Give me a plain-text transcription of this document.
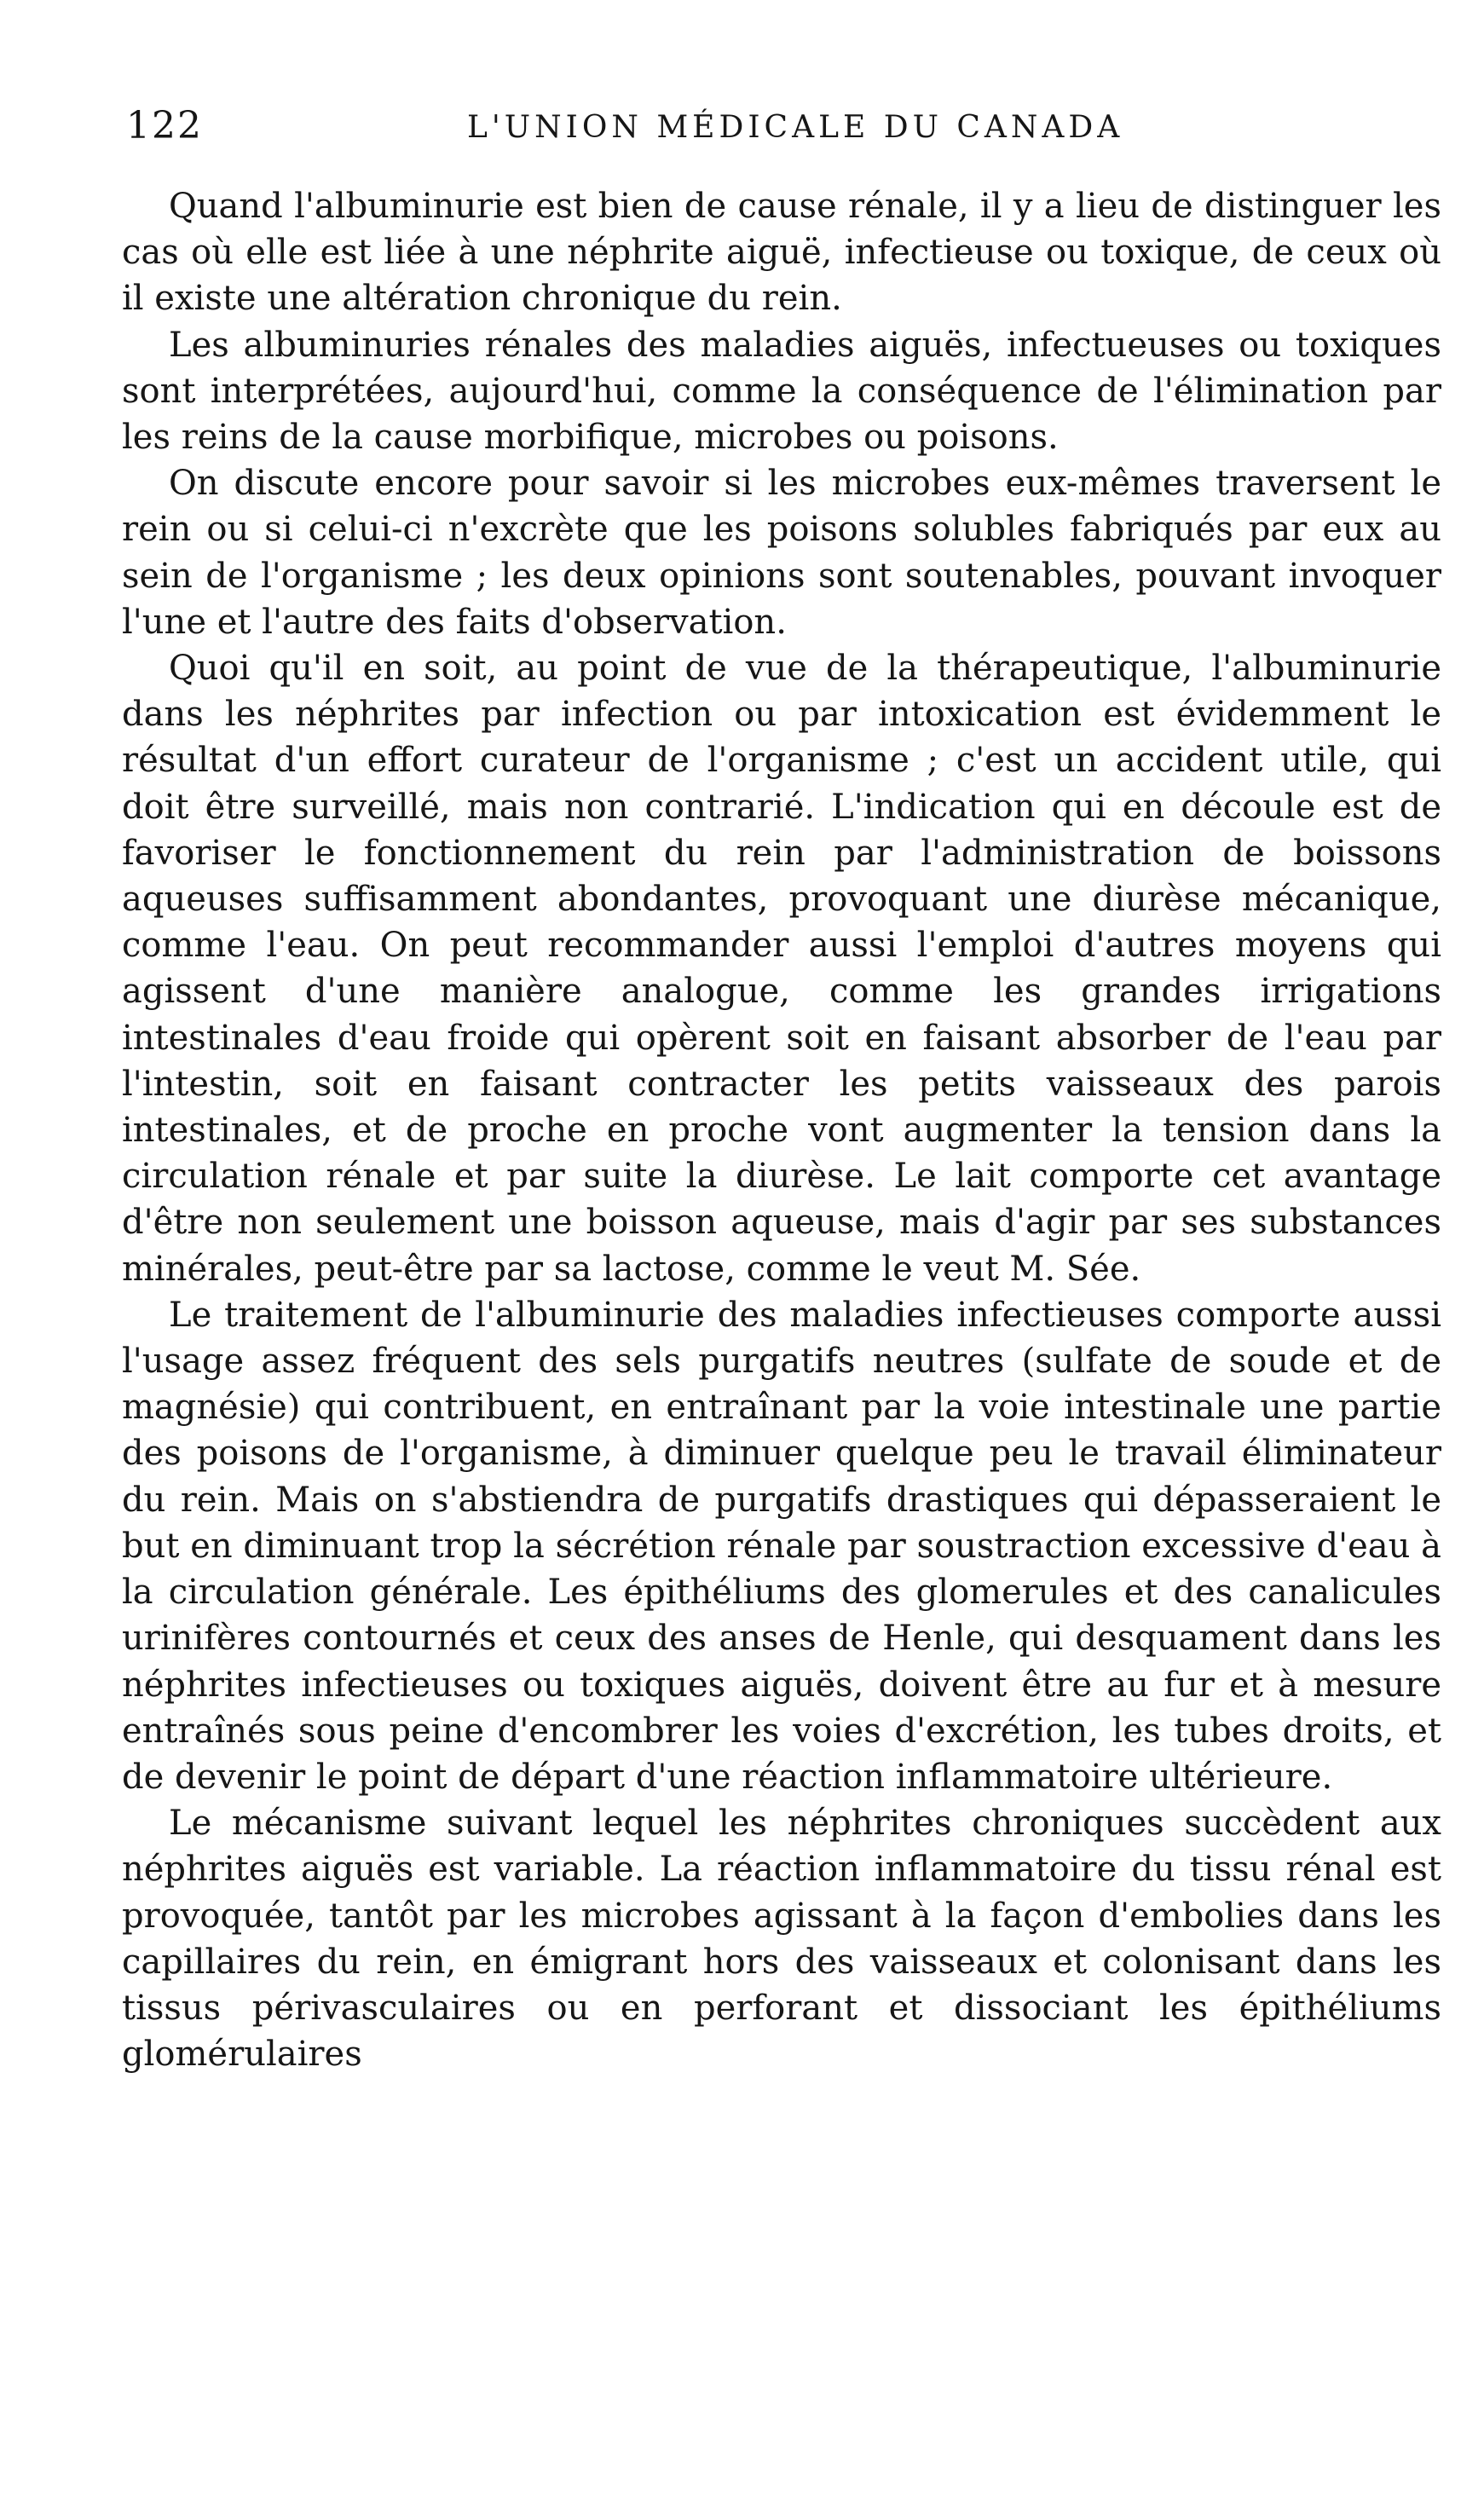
122	L'UNION MÉDICALE DU CANADA

Quand l'albuminurie est bien de cause rénale, il y a lieu de distinguer les cas où elle est liée à une néphrite aiguë, infectieuse ou toxique, de ceux où il existe une altération chronique du rein.

Les albuminuries rénales des maladies aiguës, infectueuses ou toxiques sont interprétées, aujourd'hui, comme la conséquence de l'élimination par les reins de la cause morbifique, microbes ou poisons.

On discute encore pour savoir si les microbes eux-mêmes traversent le rein ou si celui-ci n'excrète que les poisons solubles fabriqués par eux au sein de l'organisme ; les deux opinions sont soutenables, pouvant invoquer l'une et l'autre des faits d'observation.

Quoi qu'il en soit, au point de vue de la thérapeutique, l'albuminurie dans les néphrites par infection ou par intoxication est évidemment le résultat d'un effort curateur de l'organisme ; c'est un accident utile, qui doit être surveillé, mais non contrarié. L'indication qui en découle est de favoriser le fonctionnement du rein par l'administration de boissons aqueuses suffisamment abondantes, provoquant une diurèse mécanique, comme l'eau. On peut recommander aussi l'emploi d'autres moyens qui agissent d'une manière analogue, comme les grandes irrigations intestinales d'eau froide qui opèrent soit en faisant absorber de l'eau par l'intestin, soit en faisant contracter les petits vaisseaux des parois intestinales, et de proche en proche vont augmenter la tension dans la circulation rénale et par suite la diurèse. Le lait comporte cet avantage d'être non seulement une boisson aqueuse, mais d'agir par ses substances minérales, peut-être par sa lactose, comme le veut M. Sée.

Le traitement de l'albuminurie des maladies infectieuses comporte aussi l'usage assez fréquent des sels purgatifs neutres (sulfate de soude et de magnésie) qui contribuent, en entraînant par la voie intestinale une partie des poisons de l'organisme, à diminuer quelque peu le travail éliminateur du rein. Mais on s'abstiendra de purgatifs drastiques qui dépasseraient le but en diminuant trop la sécrétion rénale par soustraction excessive d'eau à la circulation générale. Les épithéliums des glomerules et des canalicules urinifères contournés et ceux des anses de Henle, qui desquament dans les néphrites infectieuses ou toxiques aiguës, doivent être au fur et à mesure entraînés sous peine d'encombrer les voies d'excrétion, les tubes droits, et de devenir le point de départ d'une réaction inflammatoire ultérieure.

Le mécanisme suivant lequel les néphrites chroniques succèdent aux néphrites aiguës est variable. La réaction inflammatoire du tissu rénal est provoquée, tantôt par les microbes agissant à la façon d'embolies dans les capillaires du rein, en émigrant hors des vaisseaux et colonisant dans les tissus périvasculaires ou en perforant et dissociant les épithéliums glomérulaires
